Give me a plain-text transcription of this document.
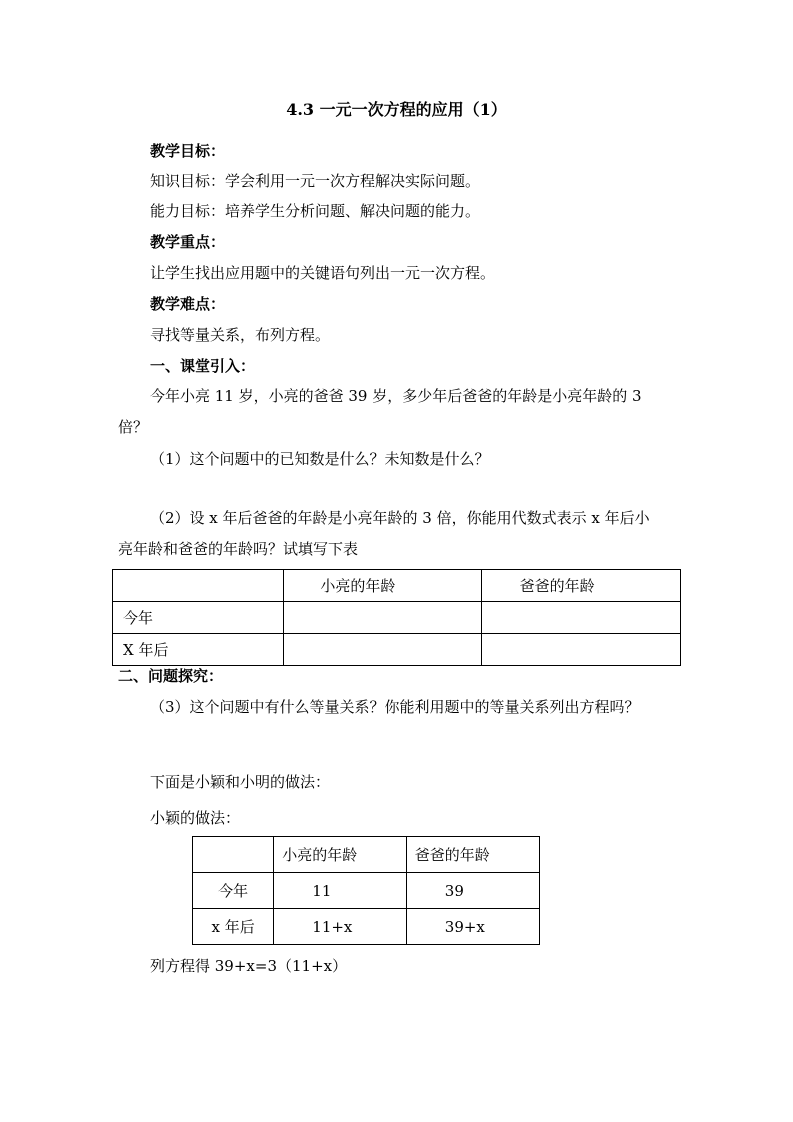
4.3 一元一次方程的应用（1）
教学目标：
知识目标：学会利用一元一次方程解决实际问题。
能力目标：培养学生分析问题、解决问题的能力。
教学重点：
让学生找出应用题中的关键语句列出一元一次方程。
教学难点：
寻找等量关系，布列方程。
一、课堂引入：
今年小亮 11 岁，小亮的爸爸 39 岁，多少年后爸爸的年龄是小亮年龄的 3
倍？
（1）这个问题中的已知数是什么？未知数是什么？
（2）设 x 年后爸爸的年龄是小亮年龄的 3 倍，你能用代数式表示 x 年后小
亮年龄和爸爸的年龄吗？试填写下表
	小亮的年龄	爸爸的年龄
今年		
X 年后		
二、问题探究：
（3）这个问题中有什么等量关系？你能利用题中的等量关系列出方程吗？
下面是小颖和小明的做法：
小颖的做法：
	小亮的年龄	爸爸的年龄
今年	11	39
x 年后	11+x	39+x
列方程得 39+x=3（11+x）
